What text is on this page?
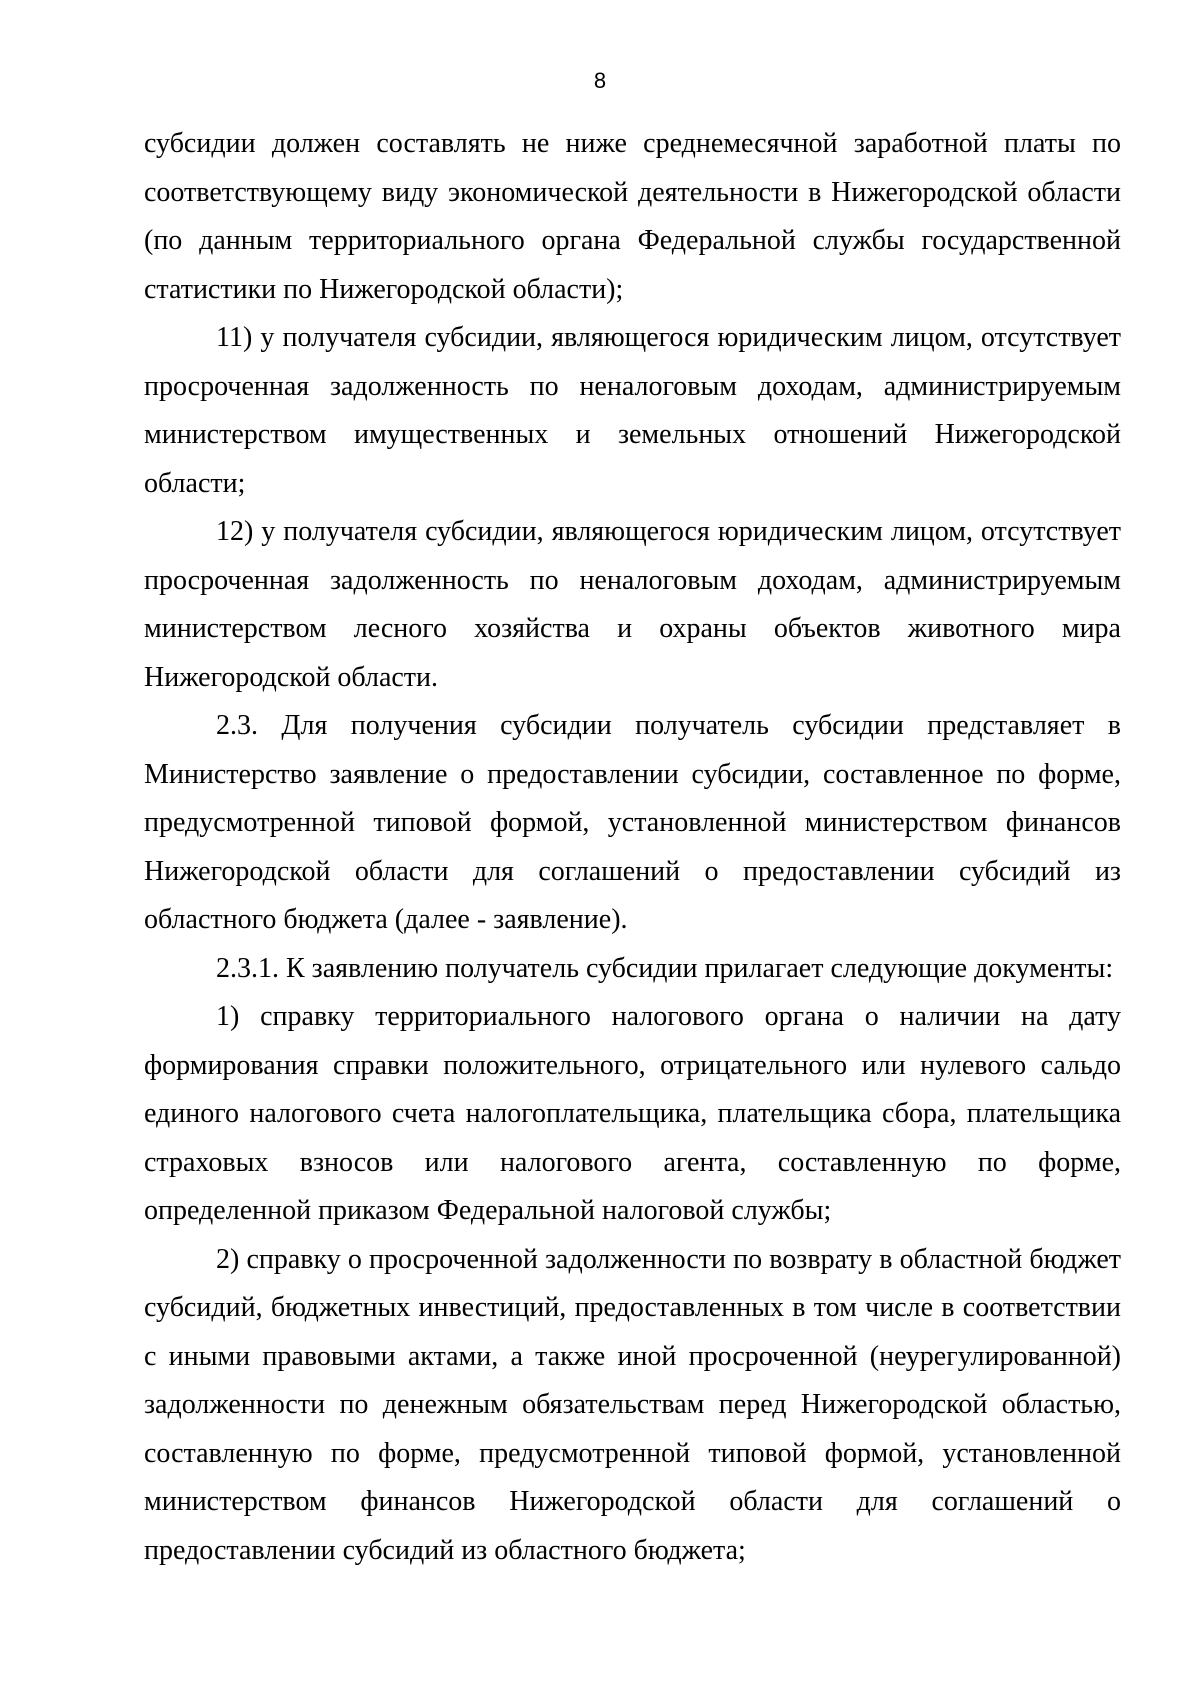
8

субсидии должен составлять не ниже среднемесячной заработной платы по соответствующему виду экономической деятельности в Нижегородской области (по данным территориального органа Федеральной службы государственной статистики по Нижегородской области);

11) у получателя субсидии, являющегося юридическим лицом, отсутствует просроченная задолженность по неналоговым доходам, администрируемым министерством имущественных и земельных отношений Нижегородской области;

12) у получателя субсидии, являющегося юридическим лицом, отсутствует просроченная задолженность по неналоговым доходам, администрируемым министерством лесного хозяйства и охраны объектов животного мира Нижегородской области.

2.3. Для получения субсидии получатель субсидии представляет в Министерство заявление о предоставлении субсидии, составленное по форме, предусмотренной типовой формой, установленной министерством финансов Нижегородской области для соглашений о предоставлении субсидий из областного бюджета (далее - заявление).

2.3.1. К заявлению получатель субсидии прилагает следующие документы:

1) справку территориального налогового органа о наличии на дату формирования справки положительного, отрицательного или нулевого сальдо единого налогового счета налогоплательщика, плательщика сбора, плательщика страховых взносов или налогового агента, составленную по форме, определенной приказом Федеральной налоговой службы;

2) справку о просроченной задолженности по возврату в областной бюджет субсидий, бюджетных инвестиций, предоставленных в том числе в соответствии с иными правовыми актами, а также иной просроченной (неурегулированной) задолженности по денежным обязательствам перед Нижегородской областью, составленную по форме, предусмотренной типовой формой, установленной министерством финансов Нижегородской области для соглашений о предоставлении субсидий из областного бюджета;
